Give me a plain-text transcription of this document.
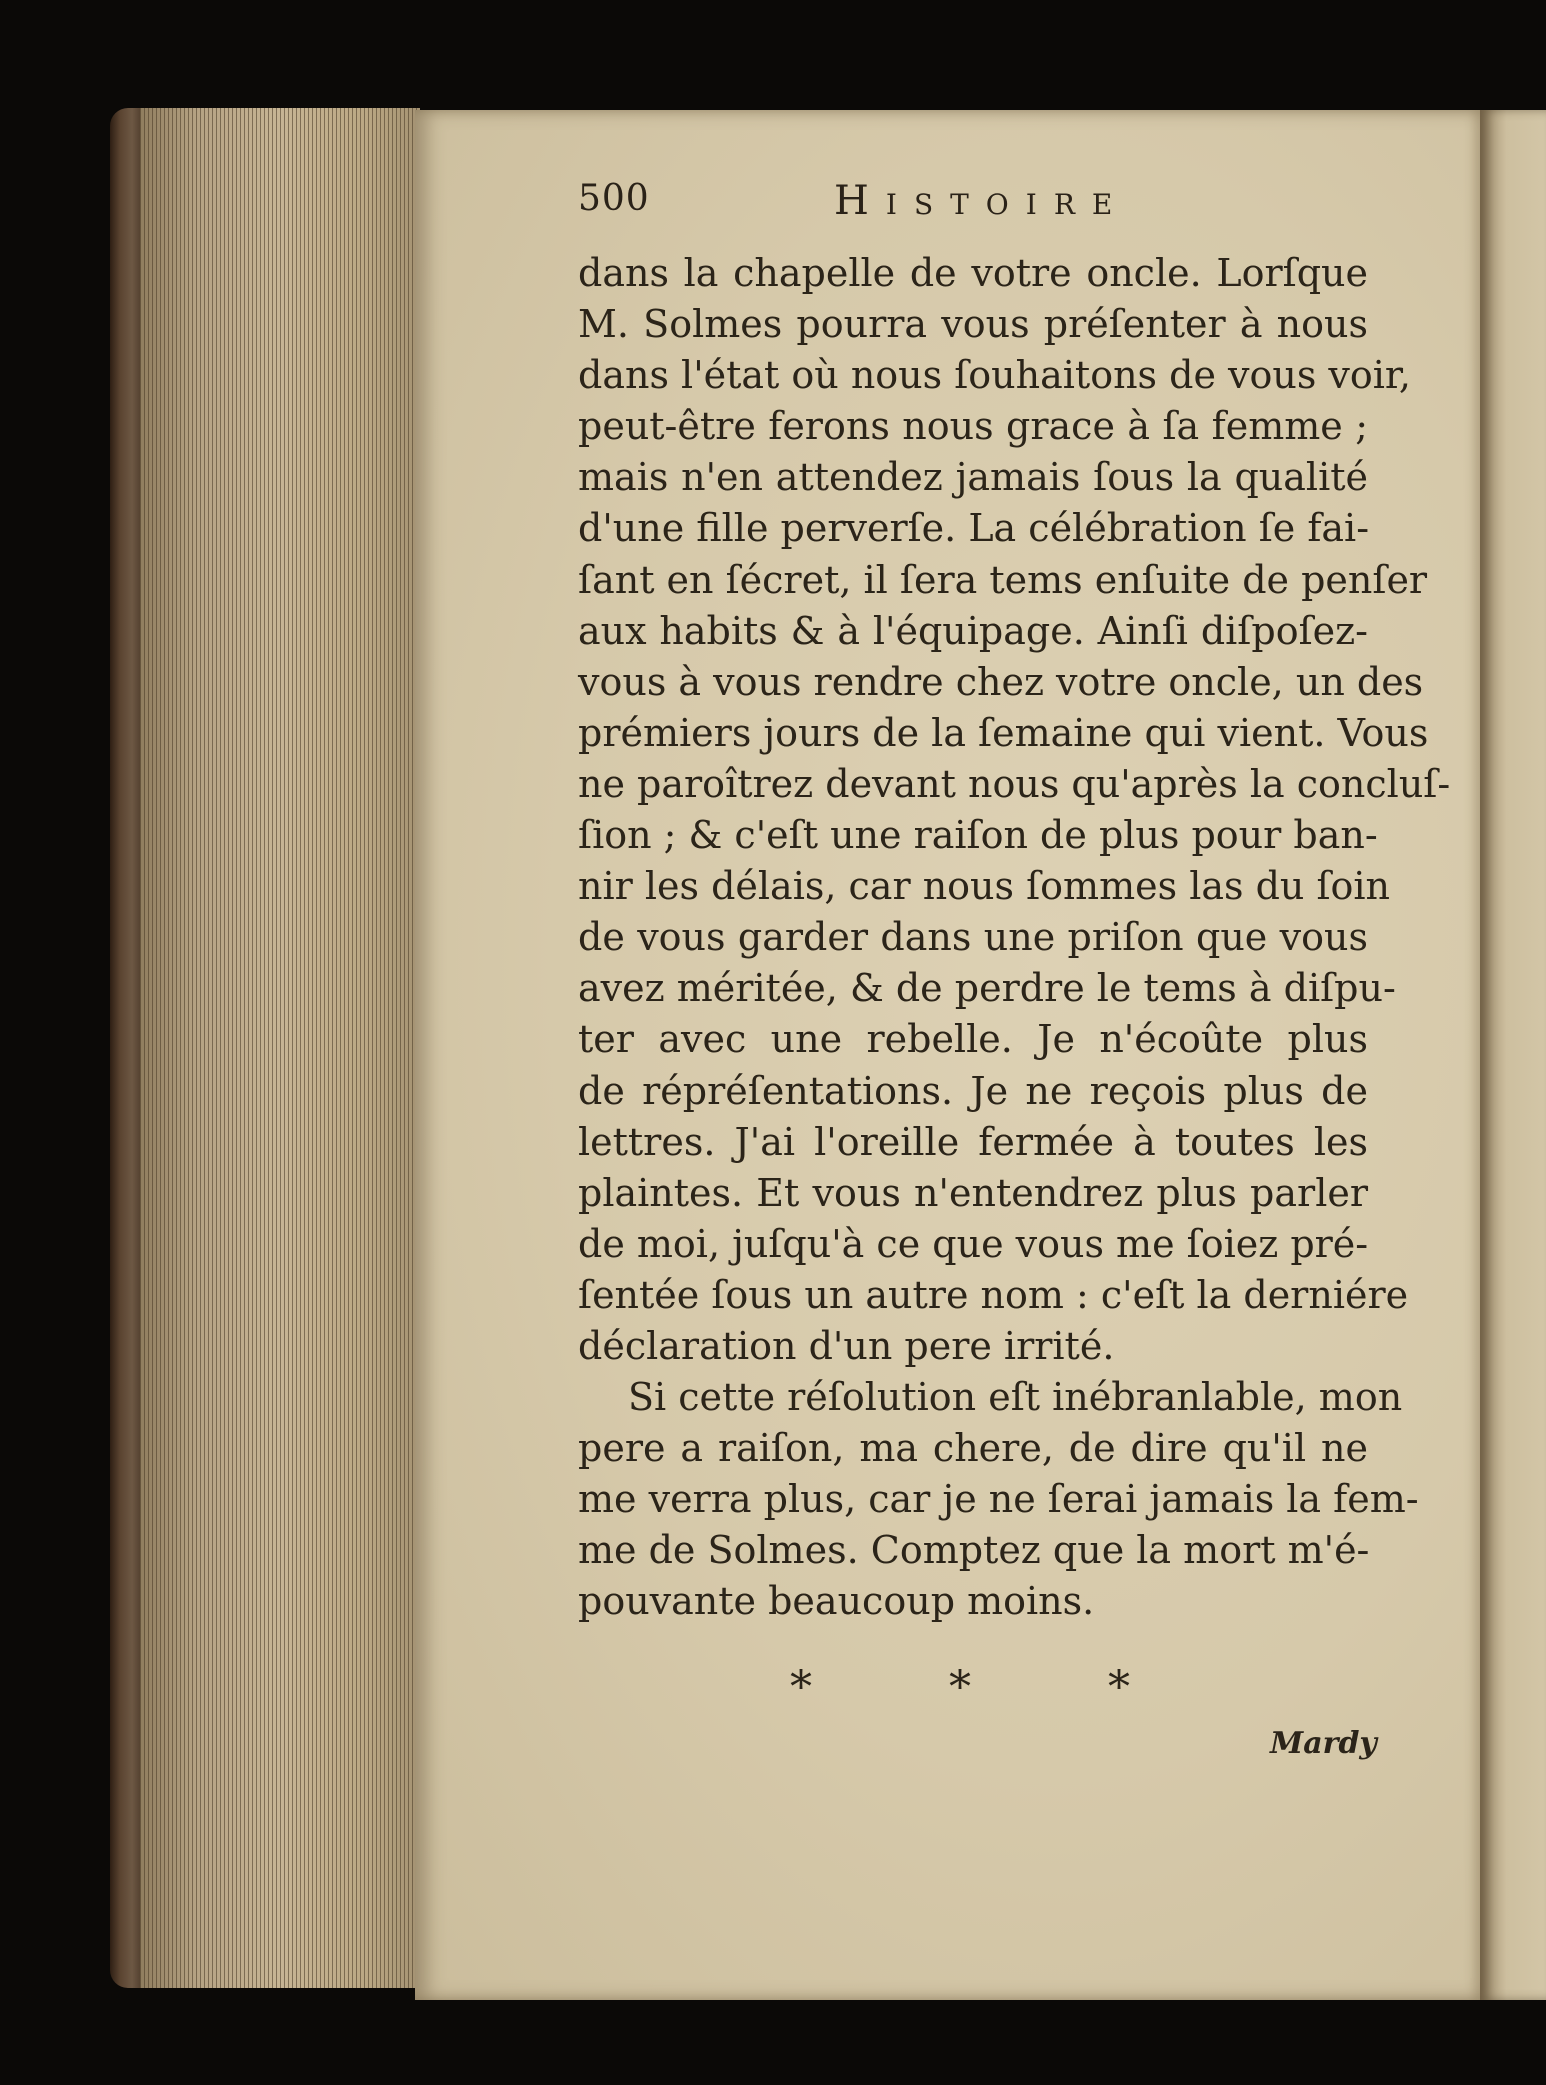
500	Histoire
dans la chapelle de votre oncle. Lorſque
M. Solmes pourra vous préſenter à nous
dans l'état où nous ſouhaitons de vous voir,
peut-être ferons nous grace à ſa femme ;
mais n'en attendez jamais ſous la qualité
d'une fille perverſe. La célébration ſe fai-
ſant en ſécret, il ſera tems enſuite de penſer
aux habits & à l'équipage. Ainſi diſpoſez-
vous à vous rendre chez votre oncle, un des
prémiers jours de la ſemaine qui vient. Vous
ne paroîtrez devant nous qu'après la concluſ-
ſion ; & c'eſt une raiſon de plus pour ban-
nir les délais, car nous ſommes las du ſoin
de vous garder dans une priſon que vous
avez méritée, & de perdre le tems à diſpu-
ter avec une rebelle. Je n'écoûte plus
de répréſentations. Je ne reçois plus de
lettres. J'ai l'oreille fermée à toutes les
plaintes. Et vous n'entendrez plus parler
de moi, juſqu'à ce que vous me ſoiez pré-
ſentée ſous un autre nom : c'eſt la derniére
déclaration d'un pere irrité.
Si cette réſolution eſt inébranlable, mon
pere a raiſon, ma chere, de dire qu'il ne
me verra plus, car je ne ſerai jamais la fem-
me de Solmes. Comptez que la mort m'é-
pouvante beaucoup moins.
*	*	*
Mardy
